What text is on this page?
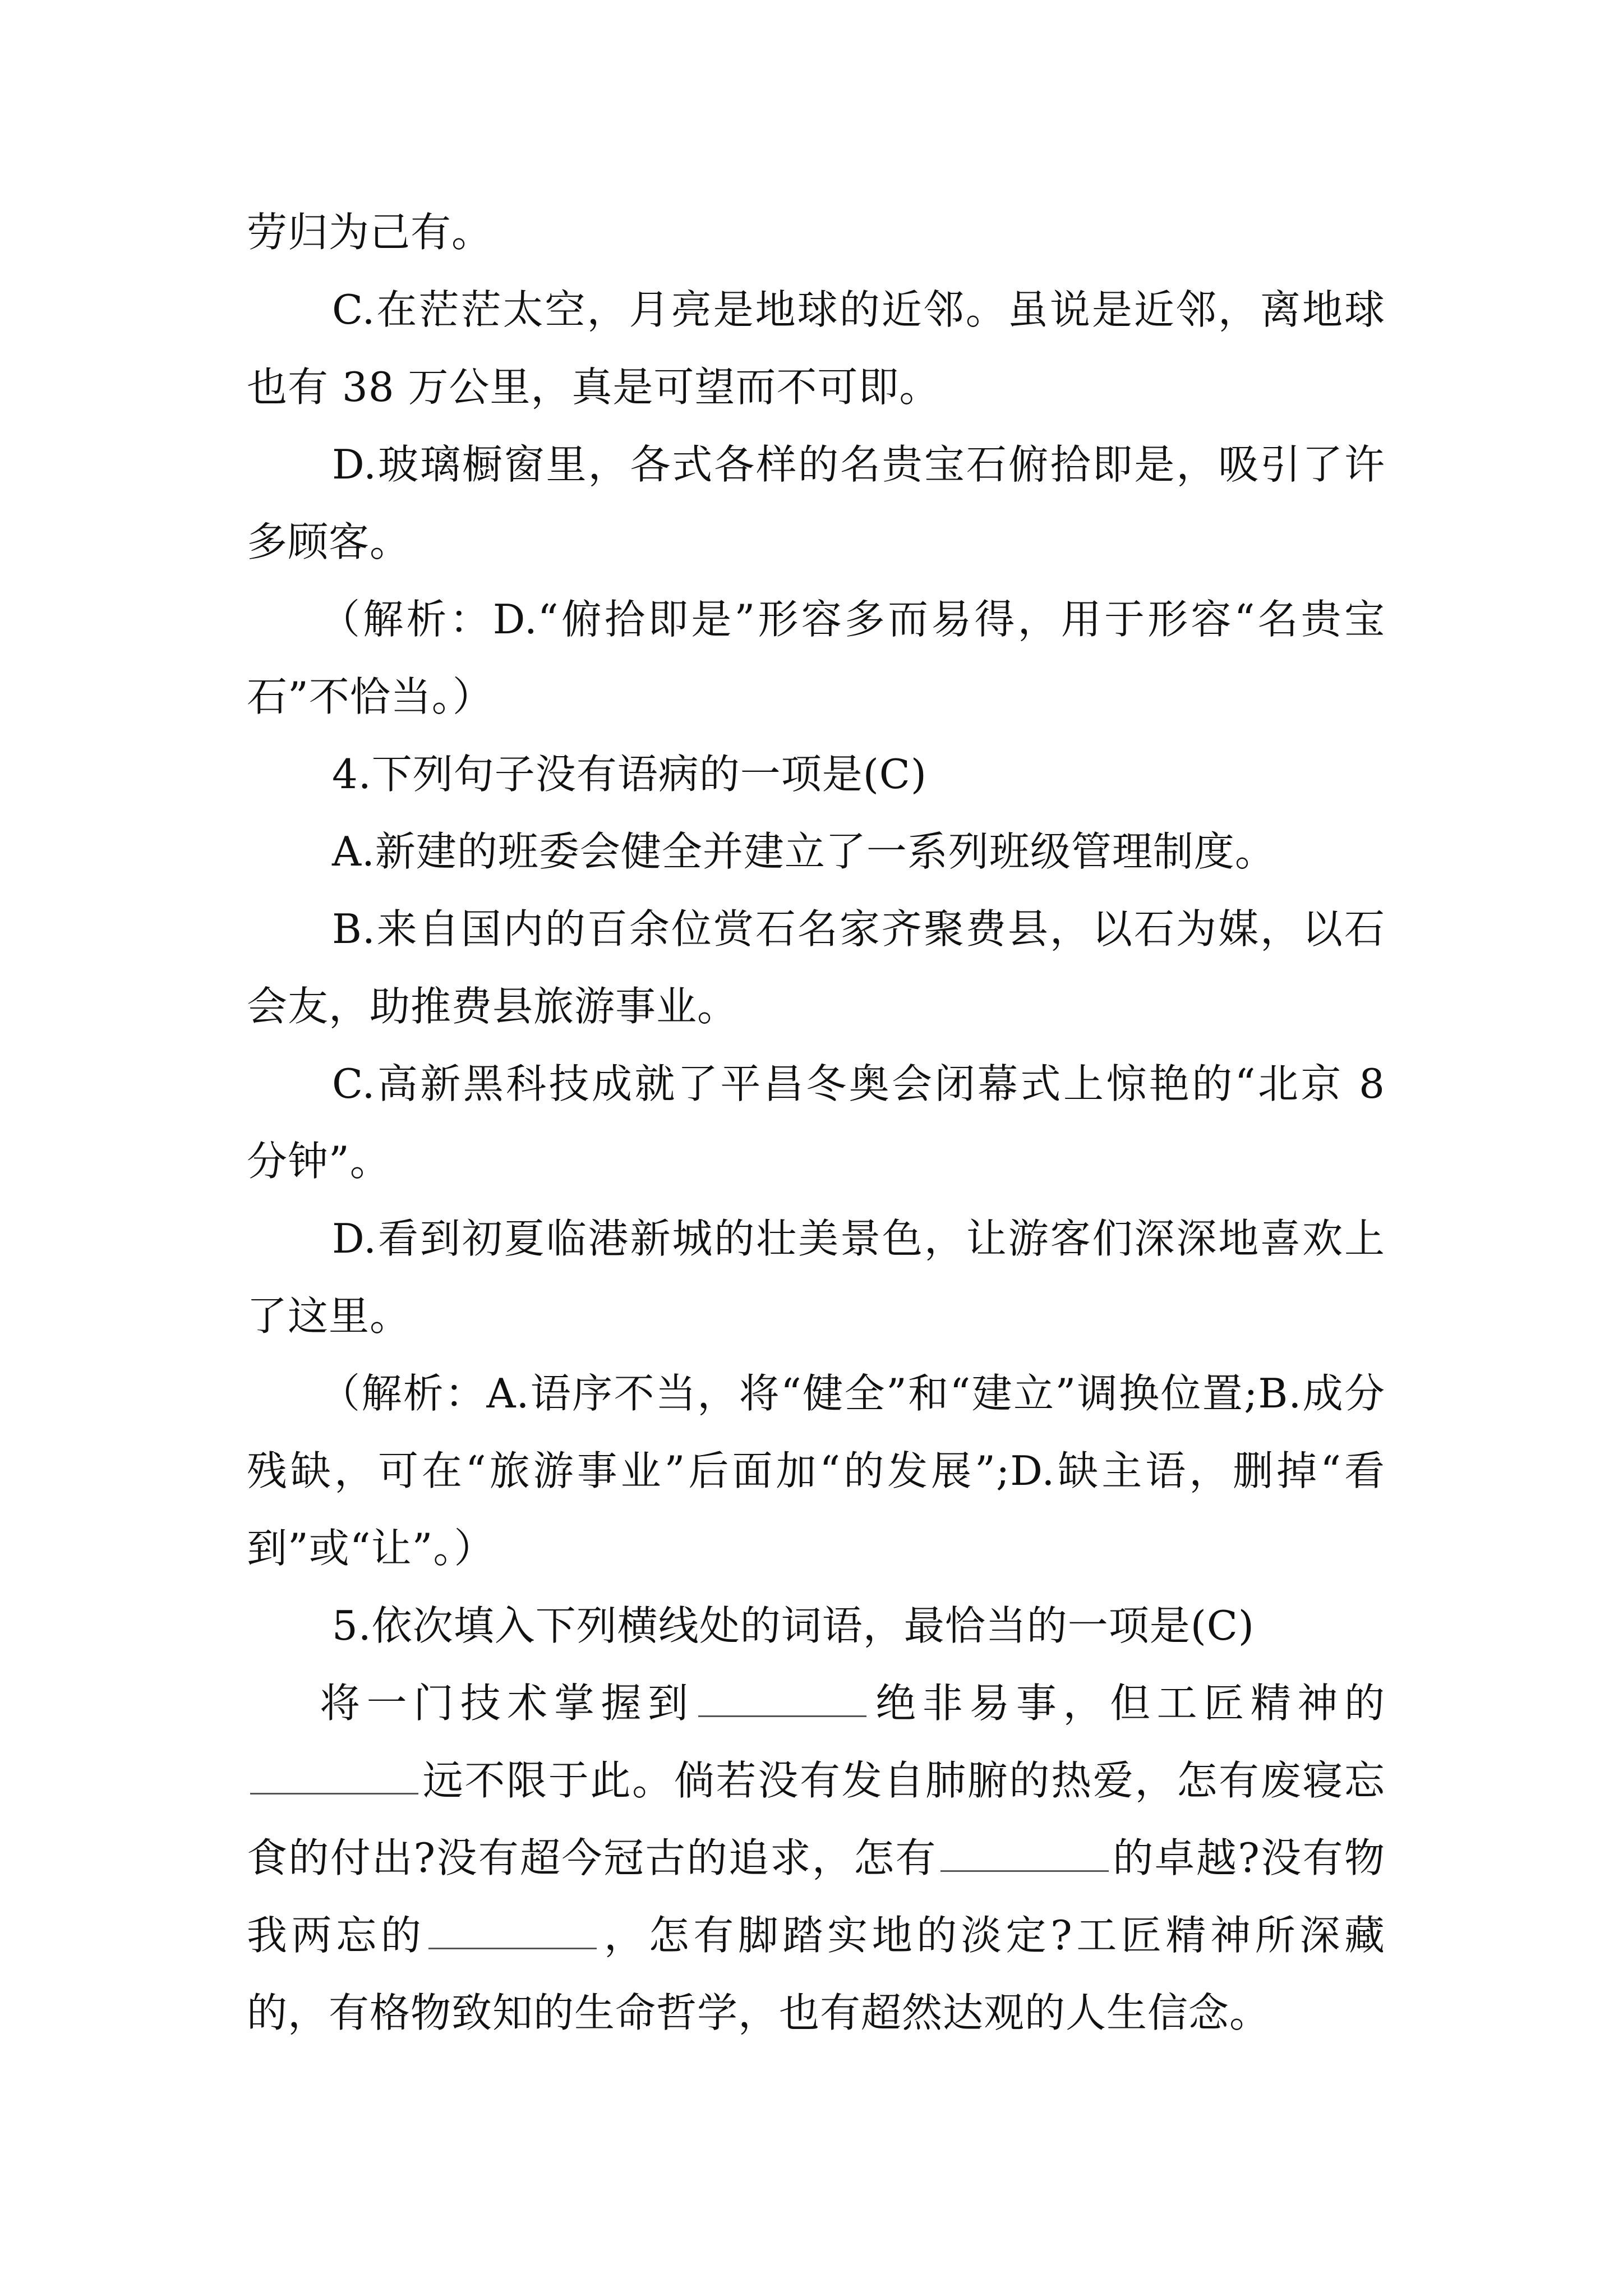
劳归为己有。

C.在茫茫太空，月亮是地球的近邻。虽说是近邻，离地球也有 38 万公里，真是可望而不可即。

D.玻璃橱窗里，各式各样的名贵宝石俯拾即是，吸引了许多顾客。

（解析：D.“俯拾即是”形容多而易得，用于形容“名贵宝石”不恰当。）

4.下列句子没有语病的一项是(C)

A.新建的班委会健全并建立了一系列班级管理制度。

B.来自国内的百余位赏石名家齐聚费县，以石为媒，以石会友，助推费县旅游事业。

C.高新黑科技成就了平昌冬奥会闭幕式上惊艳的“北京 8 分钟”。

D.看到初夏临港新城的壮美景色，让游客们深深地喜欢上了这里。

（解析：A.语序不当，将“健全”和“建立”调换位置;B.成分残缺，可在“旅游事业”后面加“的发展”;D.缺主语，删掉“看到”或“让”。）

5.依次填入下列横线处的词语，最恰当的一项是(C)

将一门技术掌握到	绝非易事，但工匠精神的远不限于此。倘若没有发自肺腑的热爱，怎有废寝忘食的付出?没有超今冠古的追求，怎有	的卓越?没有物我两忘的	，怎有脚踏实地的淡定?工匠精神所深藏的，有格物致知的生命哲学，也有超然达观的人生信念。
